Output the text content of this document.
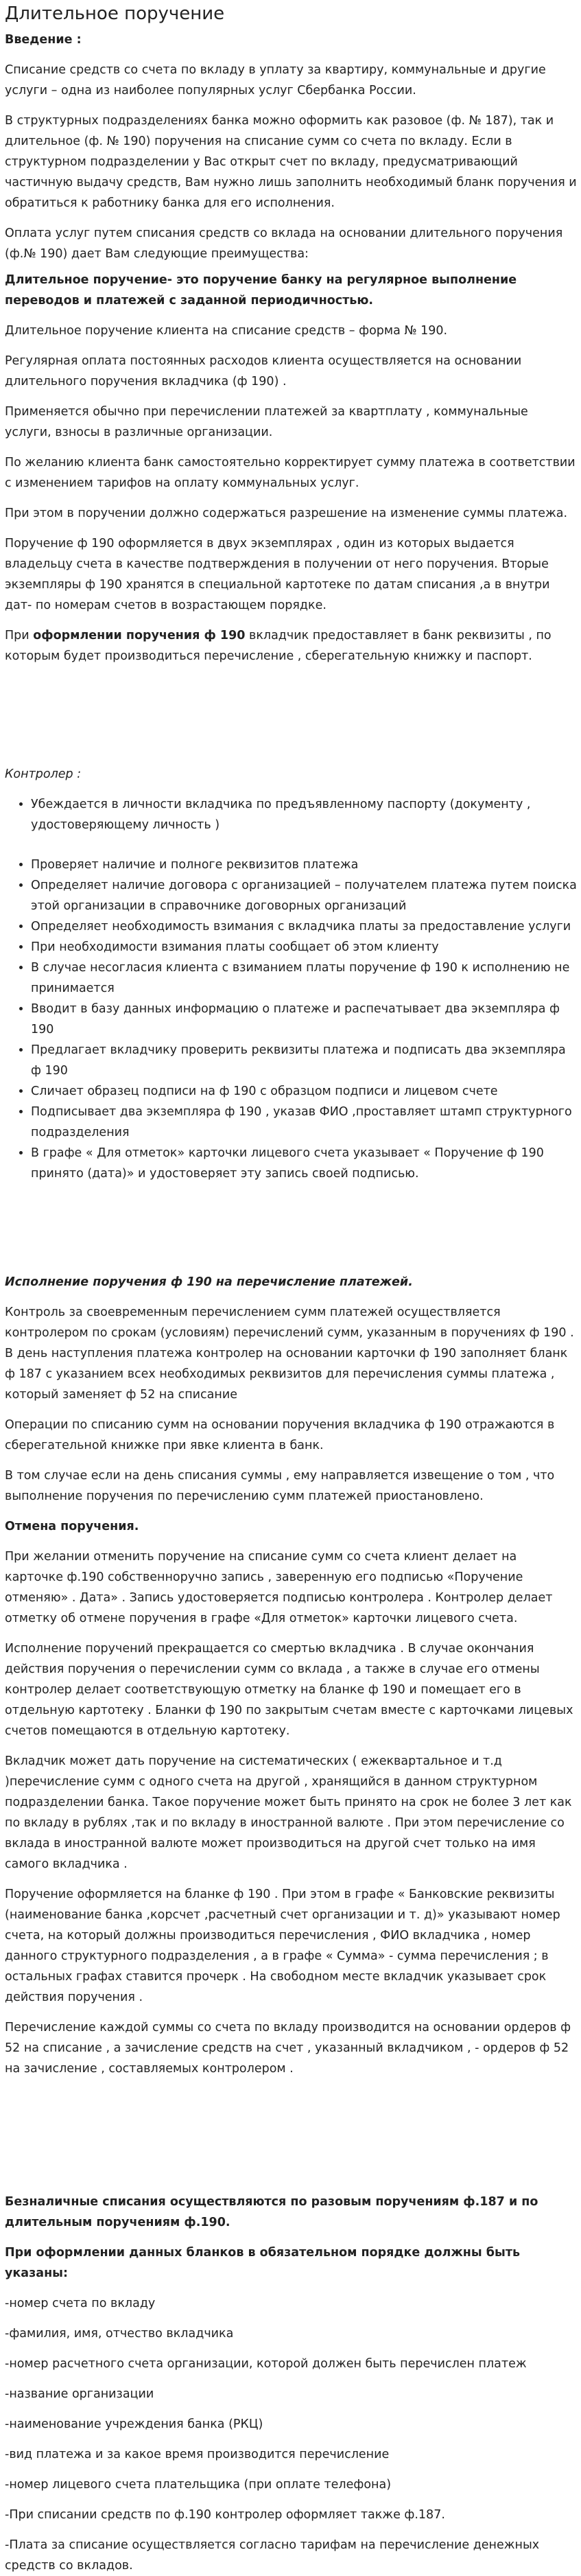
Длительное поручение

Введение :

Списание средств со счета по вкладу в уплату за квартиру, коммунальные и другие услуги – одна из наиболее популярных услуг Сбербанка России.

В структурных подразделениях банка можно оформить как разовое (ф. № 187), так и длительное (ф. № 190) поручения на списание сумм со счета по вкладу. Если в структурном подразделении у Вас открыт счет по вкладу, предусматривающий частичную выдачу средств, Вам нужно лишь заполнить необходимый бланк поручения и обратиться к работнику банка для его исполнения.

Оплата услуг путем списания средств со вклада на основании длительного поручения (ф.№ 190) дает Вам следующие преимущества:

Длительное поручение- это поручение банку на регулярное выполнение переводов и платежей с заданной периодичностью.

Длительное поручение клиента на списание средств – форма № 190.

Регулярная оплата постоянных расходов клиента осуществляется на основании длительного поручения вкладчика (ф 190) .

Применяется обычно при перечислении платежей за квартплату , коммунальные услуги, взносы в различные организации.

По желанию клиента банк самостоятельно корректирует сумму платежа в соответствии с изменением тарифов на оплату коммунальных услуг.

При этом в поручении должно содержаться разрешение на изменение суммы платежа.

Поручение ф 190 оформляется в двух экземплярах , один из которых выдается владельцу счета в качестве подтверждения в получении от него поручения. Вторые экземпляры ф 190 хранятся в специальной картотеке по датам списания ,а в внутри дат- по номерам счетов в возрастающем порядке.

При оформлении поручения ф 190 вкладчик предоставляет в банк реквизиты , по которым будет производиться перечисление , сберегательную книжку и паспорт.

Контролер :

• Убеждается в личности вкладчика по предъявленному паспорту (документу , удостоверяющему личность )
• Проверяет наличие и полноге реквизитов платежа
• Определяет наличие договора с организацией – получателем платежа путем поиска этой организации в справочнике договорных организаций
• Определяет необходимость взимания с вкладчика платы за предоставление услуги
• При необходимости взимания платы сообщает об этом клиенту
• В случае несогласия клиента с взиманием платы поручение ф 190 к исполнению не принимается
• Вводит в базу данных информацию о платеже и распечатывает два экземпляра ф 190
• Предлагает вкладчику проверить реквизиты платежа и подписать два экземпляра ф 190
• Сличает образец подписи на ф 190 с образцом подписи и лицевом счете
• Подписывает два экземпляра ф 190 , указав ФИО ,проставляет штамп структурного подразделения
• В графе « Для отметок» карточки лицевого счета указывает « Поручение ф 190 принято (дата)» и удостоверяет эту запись своей подписью.

Исполнение поручения ф 190 на перечисление платежей.

Контроль за своевременным перечислением сумм платежей осуществляется контролером по срокам (условиям) перечислений сумм, указанным в поручениях ф 190 . В день наступления платежа контролер на основании карточки ф 190 заполняет бланк ф 187 с указанием всех необходимых реквизитов для перечисления суммы платежа , который заменяет ф 52 на списание

Операции по списанию сумм на основании поручения вкладчика ф 190 отражаются в сберегательной книжке при явке клиента в банк.

В том случае если на день списания суммы , ему направляется извещение о том , что выполнение поручения по перечислению сумм платежей приостановлено.

Отмена поручения.

При желании отменить поручение на списание сумм со счета клиент делает на карточке ф.190 собственноручно запись , заверенную его подписью «Поручение отменяю» . Дата» . Запись удостоверяется подписью контролера . Контролер делает отметку об отмене поручения в графе «Для отметок» карточки лицевого счета.

Исполнение поручений прекращается со смертью вкладчика . В случае окончания действия поручения о перечислении сумм со вклада , а также в случае его отмены контролер делает соответствующую отметку на бланке ф 190 и помещает его в отдельную картотеку . Бланки ф 190 по закрытым счетам вместе с карточками лицевых счетов помещаются в отдельную картотеку.

Вкладчик может дать поручение на систематических ( ежеквартальное и т.д )перечисление сумм с одного счета на другой , хранящийся в данном структурном подразделении банка. Такое поручение может быть принято на срок не более 3 лет как по вкладу в рублях ,так и по вкладу в иностранной валюте . При этом перечисление со вклада в иностранной валюте может производиться на другой счет только на имя самого вкладчика .

Поручение оформляется на бланке ф 190 . При этом в графе « Банковские реквизиты (наименование банка ,корсчет ,расчетный счет организации и т. д)» указывают номер счета, на который должны производиться перечисления , ФИО вкладчика , номер данного структурного подразделения , а в графе « Сумма» - сумма перечисления ; в остальных графах ставится прочерк . На свободном месте вкладчик указывает срок действия поручения .

Перечисление каждой суммы со счета по вкладу производится на основании ордеров ф 52 на списание , а зачисление средств на счет , указанный вкладчиком , - ордеров ф 52 на зачисление , составляемых контролером .

Безналичные списания осуществляются по разовым поручениям ф.187 и по длительным поручениям ф.190.

При оформлении данных бланков в обязательном порядке должны быть указаны:

-номер счета по вкладу

-фамилия, имя, отчество вкладчика

-номер расчетного счета организации, которой должен быть перечислен платеж

-название организации

-наименование учреждения банка (РКЦ)

-вид платежа и за какое время производится перечисление

-номер лицевого счета плательщика (при оплате телефона)

-При списании средств по ф.190 контролер оформляет также ф.187.

-Плата за списание осуществляется согласно тарифам на перечисление денежных средств со вкладов.
